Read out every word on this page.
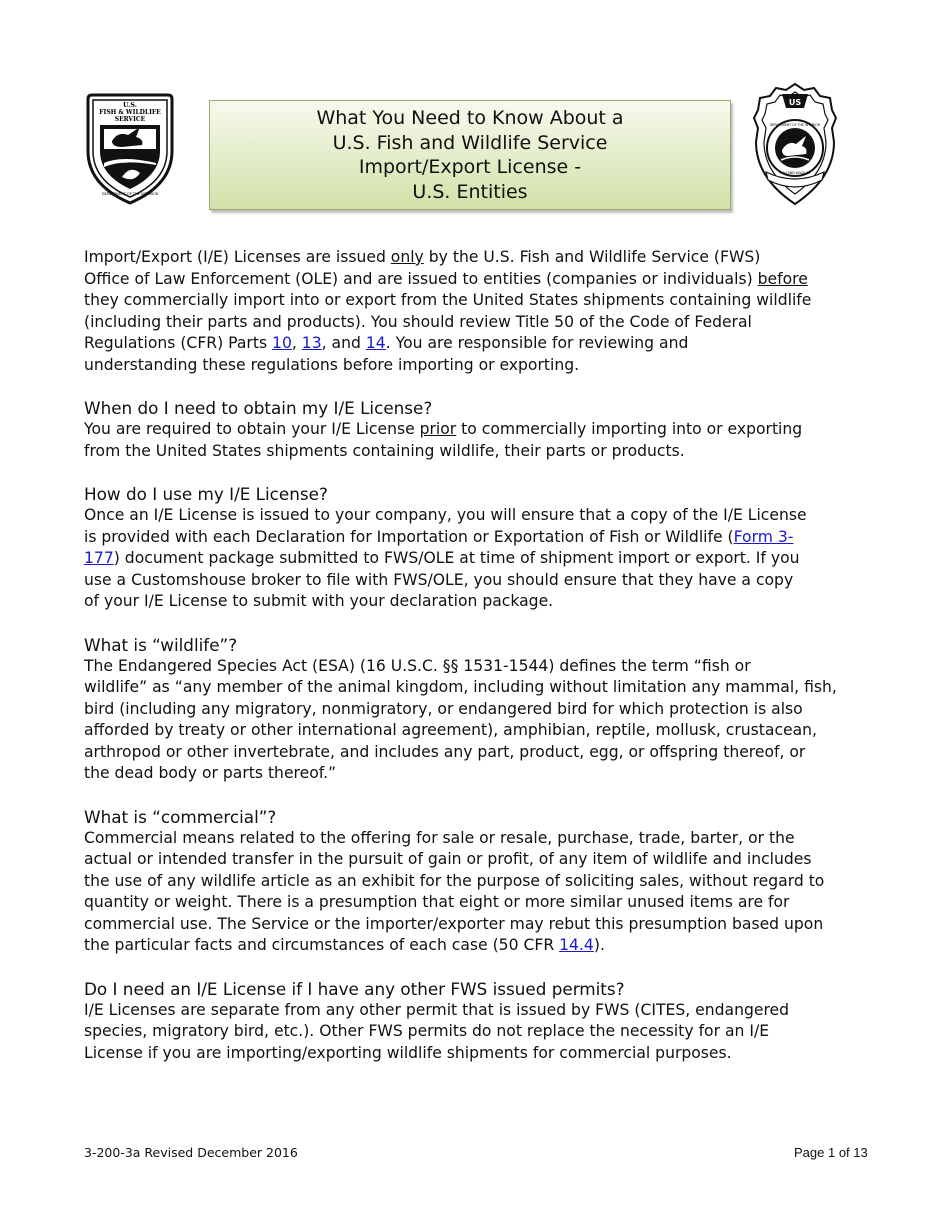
U.S.
FISH & WILDLIFE
SERVICE
DEPARTMENT OF THE INTERIOR
What You Need to Know About a
U.S. Fish and Wildlife Service
Import/Export License -
U.S. Entities
US
DEPARTMENT OF THE INTERIOR
FISH AND WILDLIFE

Import/Export (I/E) Licenses are issued only by the U.S. Fish and Wildlife Service (FWS)

Office of Law Enforcement (OLE) and are issued to entities (companies or individuals) before

they commercially import into or export from the United States shipments containing wildlife

(including their parts and products). You should review Title 50 of the Code of Federal

Regulations (CFR) Parts 10, 13, and 14. You are responsible for reviewing and

understanding these regulations before importing or exporting.

When do I need to obtain my I/E License?

You are required to obtain your I/E License prior to commercially importing into or exporting

from the United States shipments containing wildlife, their parts or products.

How do I use my I/E License?

Once an I/E License is issued to your company, you will ensure that a copy of the I/E License

is provided with each Declaration for Importation or Exportation of Fish or Wildlife (Form 3-

177) document package submitted to FWS/OLE at time of shipment import or export. If you

use a Customshouse broker to file with FWS/OLE, you should ensure that they have a copy

of your I/E License to submit with your declaration package.

What is “wildlife”?

The Endangered Species Act (ESA) (16 U.S.C. §§ 1531-1544) defines the term “fish or

wildlife” as “any member of the animal kingdom, including without limitation any mammal, fish,

bird (including any migratory, nonmigratory, or endangered bird for which protection is also

afforded by treaty or other international agreement), amphibian, reptile, mollusk, crustacean,

arthropod or other invertebrate, and includes any part, product, egg, or offspring thereof, or

the dead body or parts thereof.”

What is “commercial”?

Commercial means related to the offering for sale or resale, purchase, trade, barter, or the

actual or intended transfer in the pursuit of gain or profit, of any item of wildlife and includes

the use of any wildlife article as an exhibit for the purpose of soliciting sales, without regard to

quantity or weight. There is a presumption that eight or more similar unused items are for

commercial use. The Service or the importer/exporter may rebut this presumption based upon

the particular facts and circumstances of each case (50 CFR 14.4).

Do I need an I/E License if I have any other FWS issued permits?

I/E Licenses are separate from any other permit that is issued by FWS (CITES, endangered

species, migratory bird, etc.). Other FWS permits do not replace the necessity for an I/E

License if you are importing/exporting wildlife shipments for commercial purposes.

3-200-3a Revised December 2016	Page 1 of 13
